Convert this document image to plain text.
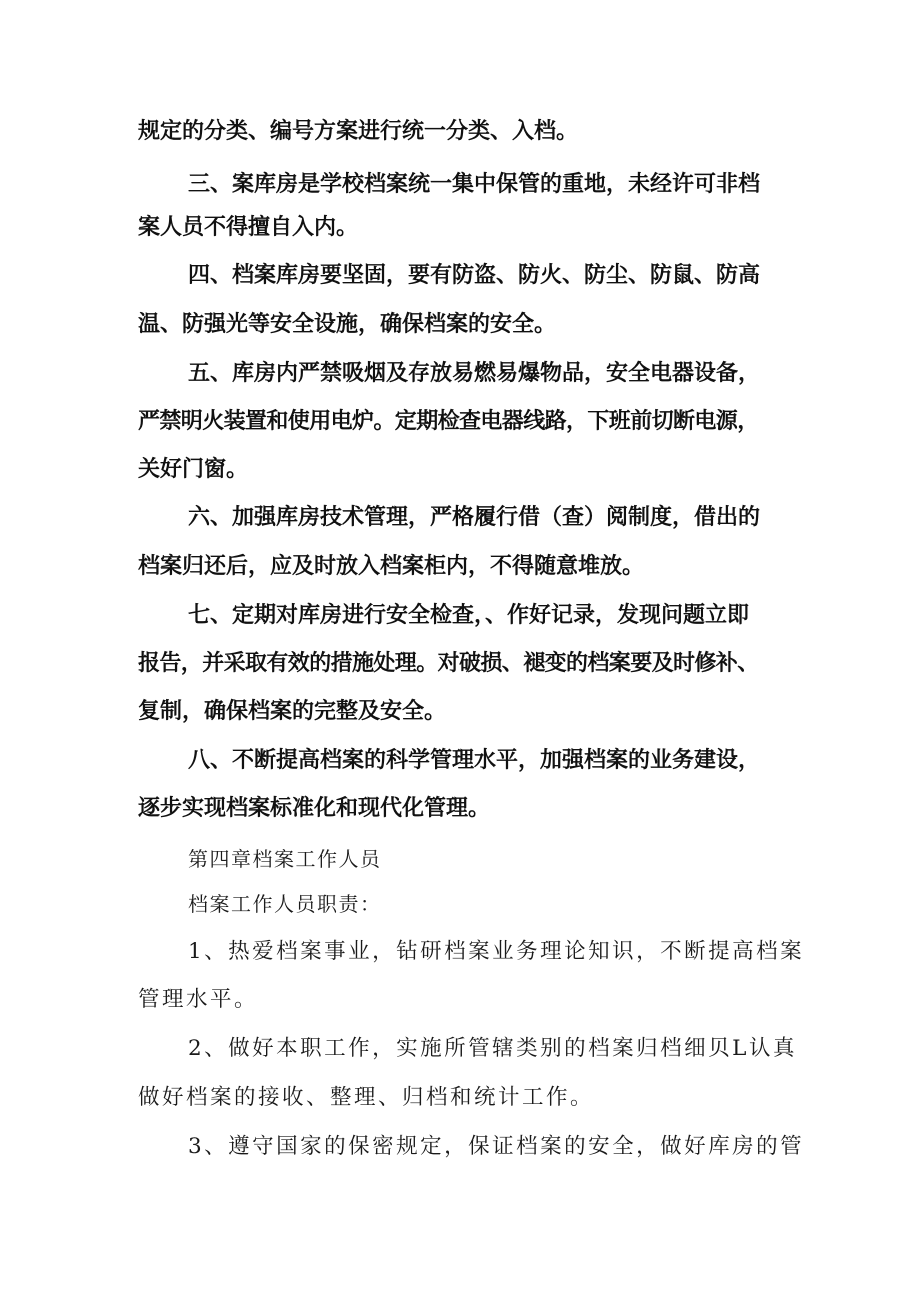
规定的分类、编号方案进行统一分类、入档。

三、案库房是学校档案统一集中保管的重地，未经许可非档

案人员不得擅自入内。

四、档案库房要坚固，要有防盗、防火、防尘、防鼠、防高

温、防强光等安全设施，确保档案的安全。

五、库房内严禁吸烟及存放易燃易爆物品，安全电器设备，

严禁明火装置和使用电炉。定期检查电器线路，下班前切断电源，

关好门窗。

六、加强库房技术管理，严格履行借（查）阅制度，借出的

档案归还后，应及时放入档案柜内，不得随意堆放。

七、定期对库房进行安全检查，、作好记录，发现问题立即

报告，并采取有效的措施处理。对破损、褪变的档案要及时修补、

复制，确保档案的完整及安全。

八、不断提高档案的科学管理水平，加强档案的业务建设，

逐步实现档案标准化和现代化管理。

第四章档案工作人员

档案工作人员职责：

1、热爱档案事业，钻研档案业务理论知识，不断提高档案

管理水平。

2、做好本职工作，实施所管辖类别的档案归档细贝L认真

做好档案的接收、整理、归档和统计工作。

3、遵守国家的保密规定，保证档案的安全，做好库房的管
